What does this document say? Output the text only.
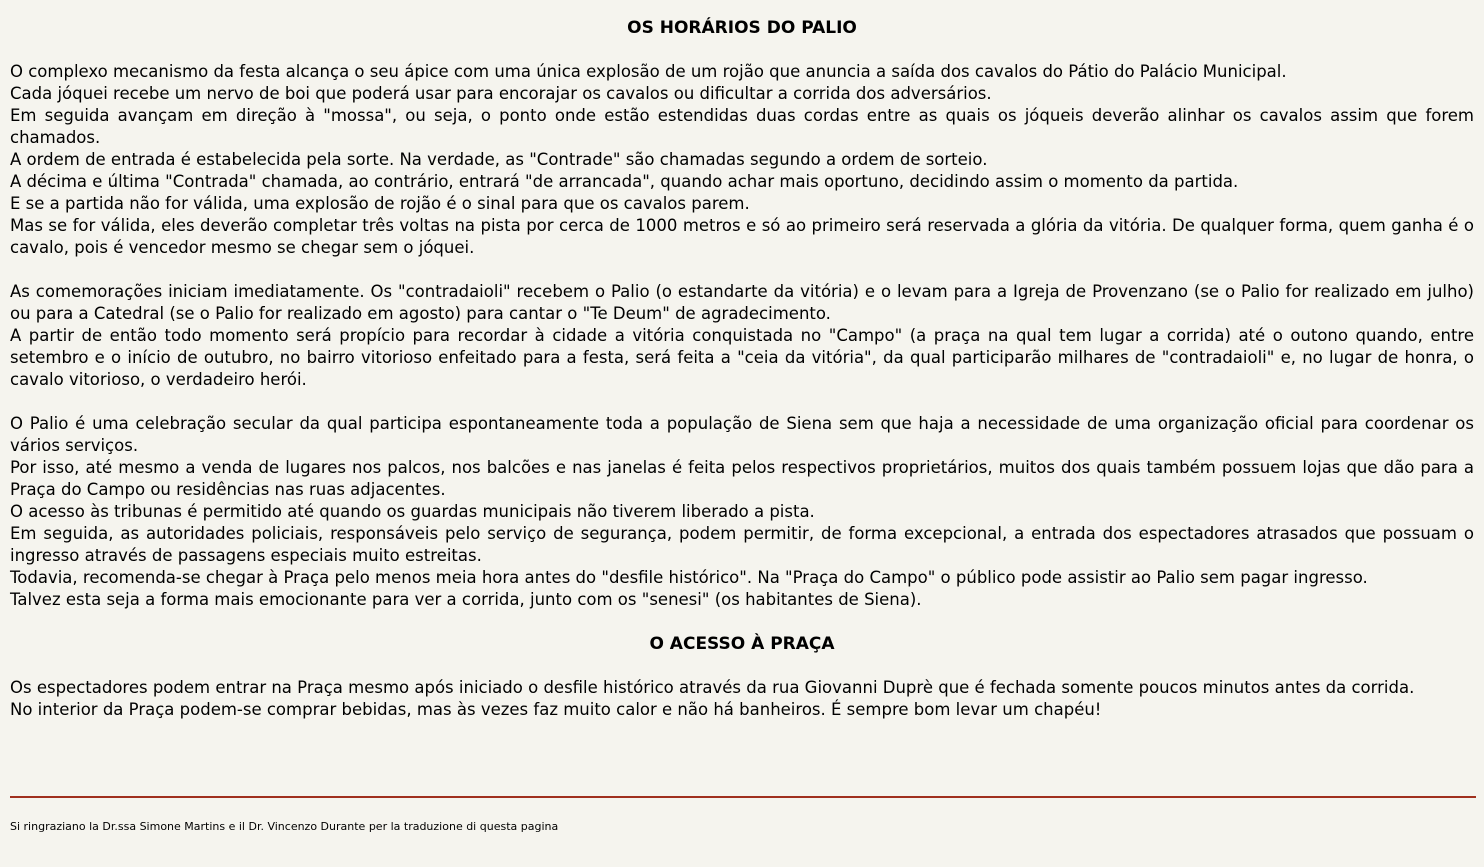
OS HORÁRIOS DO PALIO

O complexo mecanismo da festa alcança o seu ápice com uma única explosão de um rojão que anuncia a saída dos cavalos do Pátio do Palácio Municipal.

Cada jóquei recebe um nervo de boi que poderá usar para encorajar os cavalos ou dificultar a corrida dos adversários.

Em seguida avançam em direção à "mossa", ou seja, o ponto onde estão estendidas duas cordas entre as quais os jóqueis deverão alinhar os cavalos assim que forem chamados.

A ordem de entrada é estabelecida pela sorte. Na verdade, as "Contrade" são chamadas segundo a ordem de sorteio.

A décima e última "Contrada" chamada, ao contrário, entrará "de arrancada", quando achar mais oportuno, decidindo assim o momento da partida.

E se a partida não for válida, uma explosão de rojão é o sinal para que os cavalos parem.

Mas se for válida, eles deverão completar três voltas na pista por cerca de 1000 metros e só ao primeiro será reservada a glória da vitória. De qualquer forma, quem ganha é o cavalo, pois é vencedor mesmo se chegar sem o jóquei.

As comemorações iniciam imediatamente. Os "contradaioli" recebem o Palio (o estandarte da vitória) e o levam para a Igreja de Provenzano (se o Palio for realizado em julho) ou para a Catedral (se o Palio for realizado em agosto) para cantar o "Te Deum" de agradecimento.

A partir de então todo momento será propício para recordar à cidade a vitória conquistada no "Campo" (a praça na qual tem lugar a corrida) até o outono quando, entre setembro e o início de outubro, no bairro vitorioso enfeitado para a festa, será feita a "ceia da vitória", da qual participarão milhares de "contradaioli" e, no lugar de honra, o cavalo vitorioso, o verdadeiro herói.

O Palio é uma celebração secular da qual participa espontaneamente toda a população de Siena sem que haja a necessidade de uma organização oficial para coordenar os vários serviços.

Por isso, até mesmo a venda de lugares nos palcos, nos balcões e nas janelas é feita pelos respectivos proprietários, muitos dos quais também possuem lojas que dão para a Praça do Campo ou residências nas ruas adjacentes.

O acesso às tribunas é permitido até quando os guardas municipais não tiverem liberado a pista.

Em seguida, as autoridades policiais, responsáveis pelo serviço de segurança, podem permitir, de forma excepcional, a entrada dos espectadores atrasados que possuam o ingresso através de passagens especiais muito estreitas.

Todavia, recomenda-se chegar à Praça pelo menos meia hora antes do "desfile histórico". Na "Praça do Campo" o público pode assistir ao Palio sem pagar ingresso.

Talvez esta seja a forma mais emocionante para ver a corrida, junto com os "senesi" (os habitantes de Siena).

O ACESSO À PRAÇA

Os espectadores podem entrar na Praça mesmo após iniciado o desfile histórico através da rua Giovanni Duprè que é fechada somente poucos minutos antes da corrida.

No interior da Praça podem-se comprar bebidas, mas às vezes faz muito calor e não há banheiros. É sempre bom levar um chapéu!

Si ringraziano la Dr.ssa Simone Martins e il Dr. Vincenzo Durante per la traduzione di questa pagina
